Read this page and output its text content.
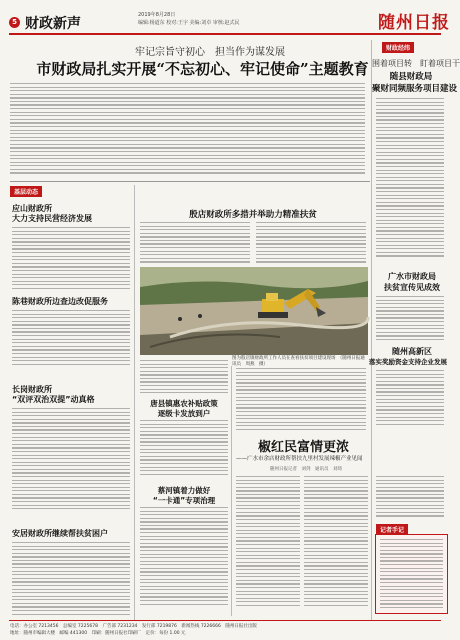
5 财政新声
2019年8月28日
编辑:杨道东 校对:王宇 美编:刘卓 审核:赵式民	随州日报
牢记宗旨守初心　担当作为谋发展
市财政局扎实开展“不忘初心、牢记使命”主题教育
财政经纬
围着项目转　盯着项目干
随县财政局
聚财同频服务项目建设
广水市财政局
扶贫宣传见成效
随州高新区
落实奖励资金支持企业发展
基层动态
应山财政所
大力支持民营经济发展
陈巷财政所边查边改促服务
长岗财政所
“双评双治双提”动真格
安居财政所继续帮扶贫困户
殷店财政所多措并举助力精准扶贫
图为殷店镇财政所工作人员在查看扶贫项目建设现场　（随州日报通讯员　周燕　摄）
唐县镇惠农补贴政策
逐级卡发放到户
蔡河镇着力做好
“一卡通”专项治理
椒红民富情更浓
——广水市余店财政所帮扶九里村发展辣椒产业见闻
随州日报记者　刘剑　通讯员　刘琦
记者手记
电话：办公室 7213456　总编室 7225678　广告部 7231234　发行部 7219876　新闻热线 7226666　随州日报社出版
地址：随州市编辑大楼　邮编 441300　印刷：随州日报社印刷厂　定价：每份 1.00 元
